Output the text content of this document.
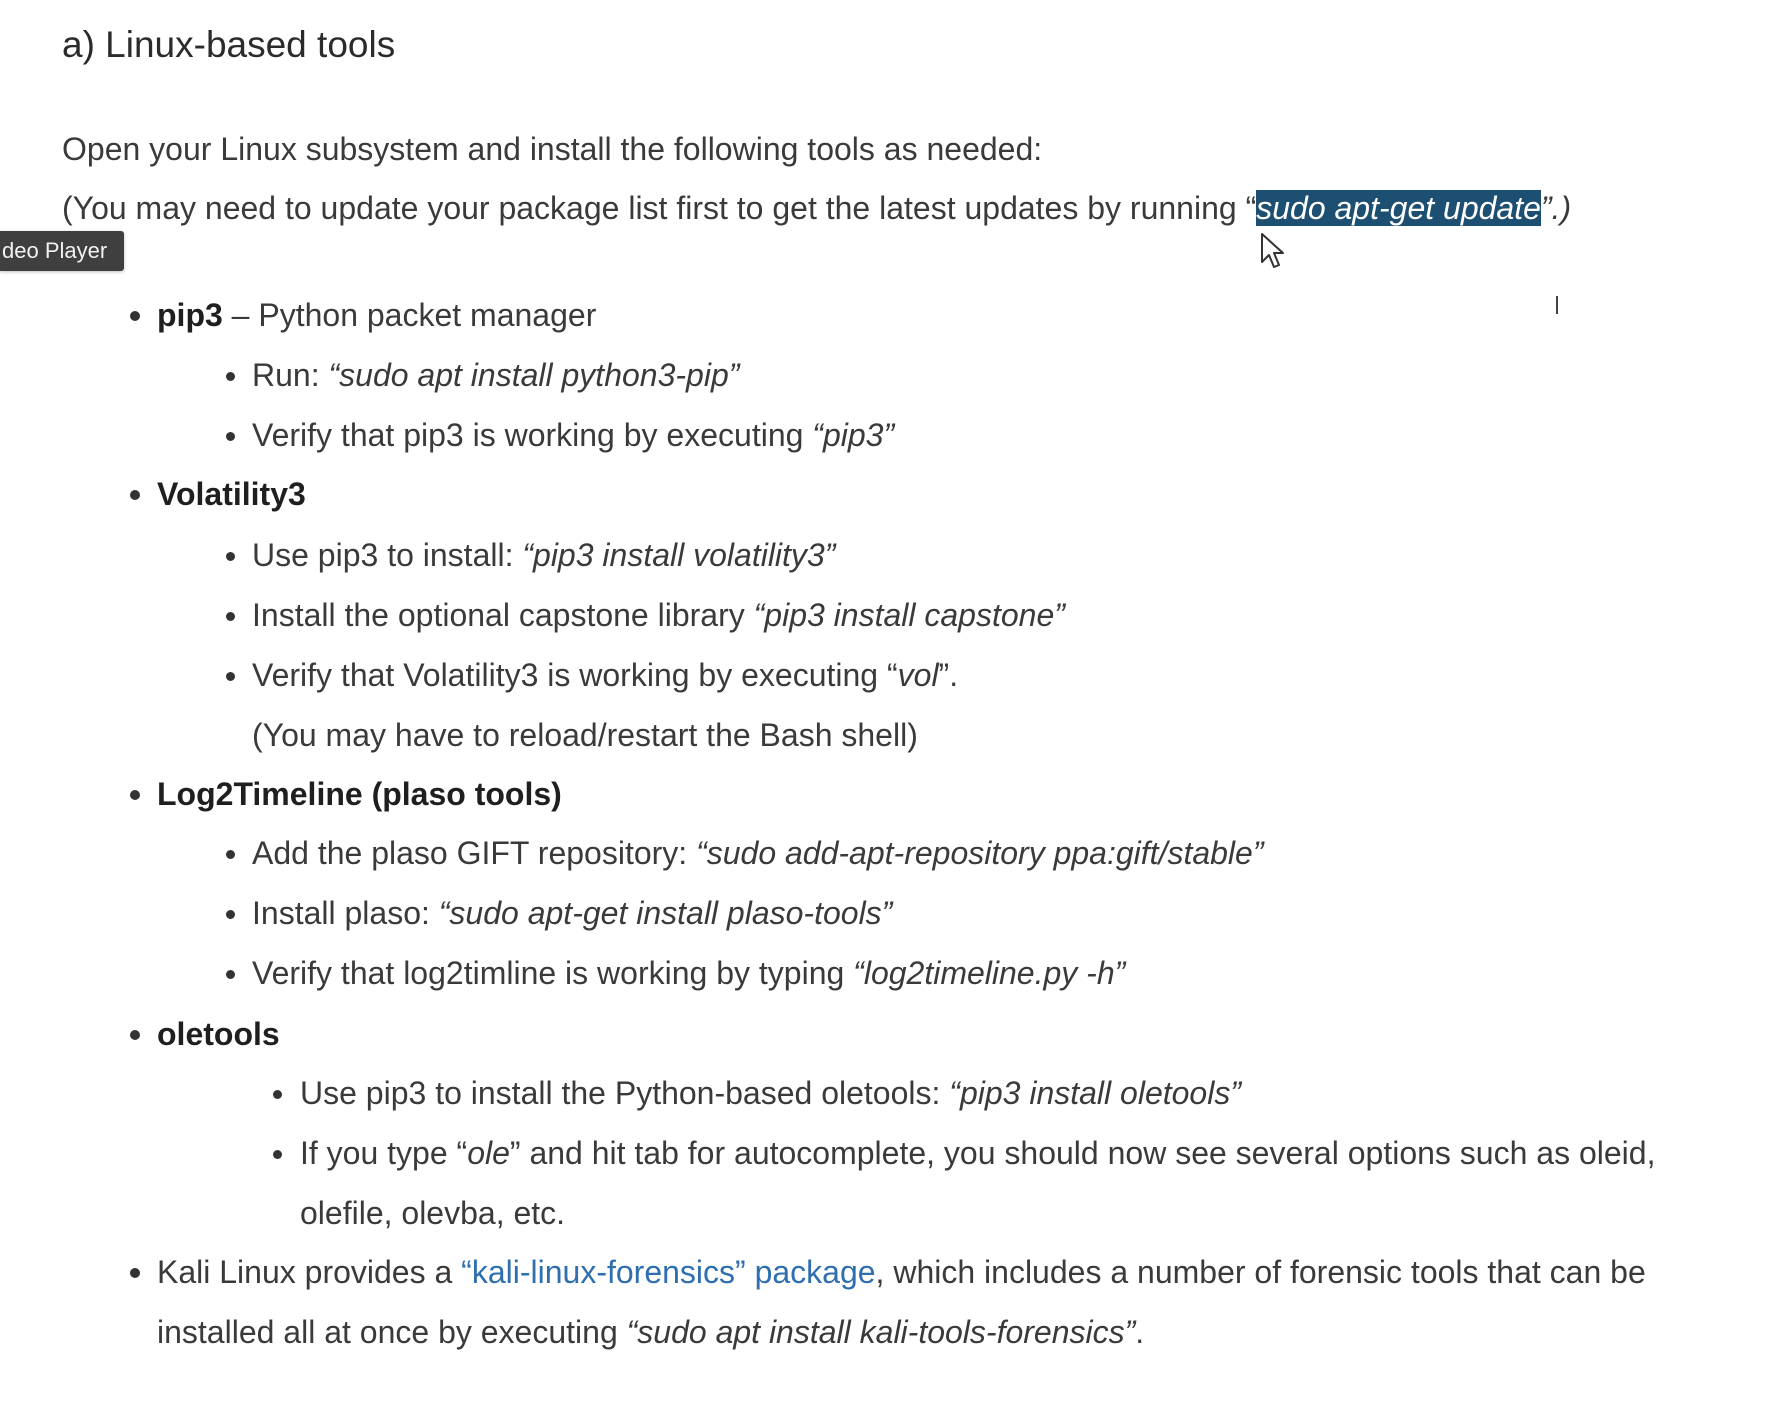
a) Linux-based tools
Open your Linux subsystem and install the following tools as needed:
(You may need to update your package list first to get the latest updates by running “sudo apt-get update”.)
deo Player
pip3 – Python packet manager
Run: “sudo apt install python3-pip”
Verify that pip3 is working by executing “pip3”
Volatility3
Use pip3 to install: “pip3 install volatility3”
Install the optional capstone library “pip3 install capstone”
Verify that Volatility3 is working by executing “vol”.
(You may have to reload/restart the Bash shell)
Log2Timeline (plaso tools)
Add the plaso GIFT repository: “sudo add-apt-repository ppa:gift/stable”
Install plaso: “sudo apt-get install plaso-tools”
Verify that log2timline is working by typing “log2timeline.py -h”
oletools
Use pip3 to install the Python-based oletools: “pip3 install oletools”
If you type “ole” and hit tab for autocomplete, you should now see several options such as oleid,
olefile, olevba, etc.
Kali Linux provides a “kali-linux-forensics” package, which includes a number of forensic tools that can be
installed all at once by executing “sudo apt install kali-tools-forensics”.
